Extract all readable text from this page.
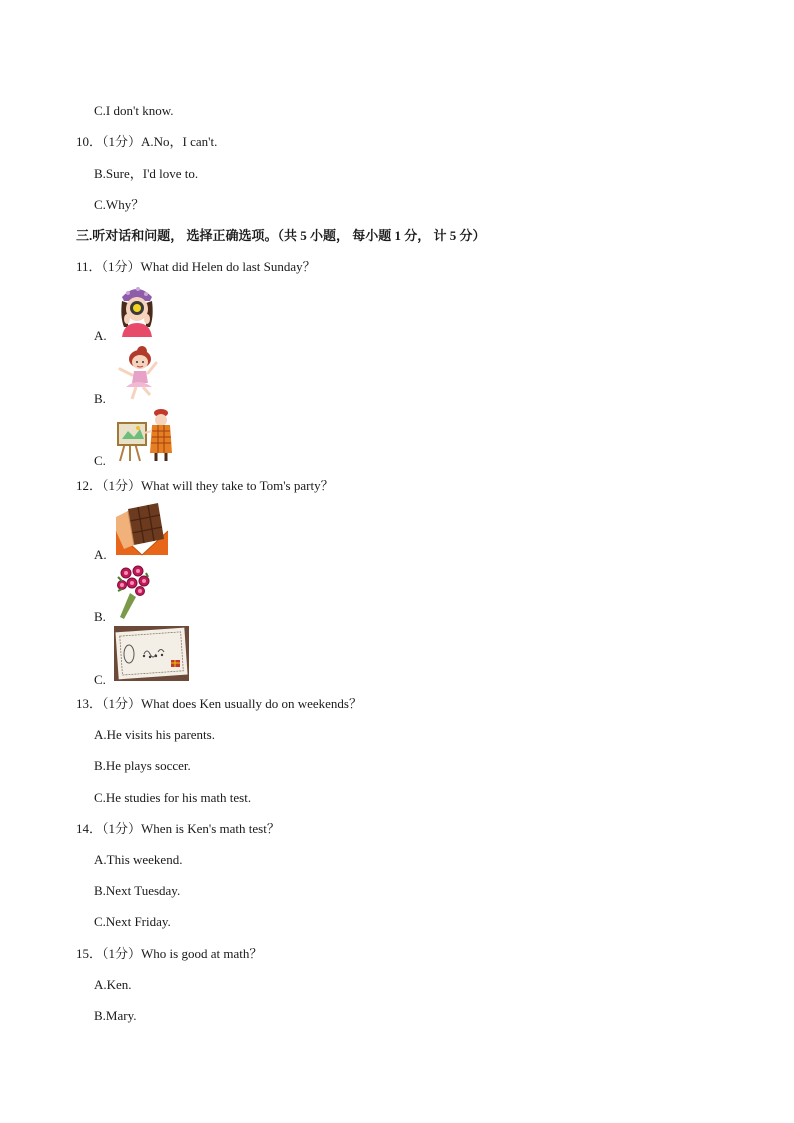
C.I don't know.
10．（1分）A.No，I can't.
B.Sure，I'd love to.
C.Why？
三.听对话和问题， 选择正确选项。（共 5 小题， 每小题 1 分， 计 5 分）
11．（1分）What did Helen do last Sunday？
A.
B.
C.
12．（1分）What will they take to Tom's party？
A.
B.
C.
13．（1分）What does Ken usually do on weekends？
A.He visits his parents.
B.He plays soccer.
C.He studies for his math test.
14．（1分）When is Ken's math test？
A.This weekend.
B.Next Tuesday.
C.Next Friday.
15．（1分）Who is good at math？
A.Ken.
B.Mary.
